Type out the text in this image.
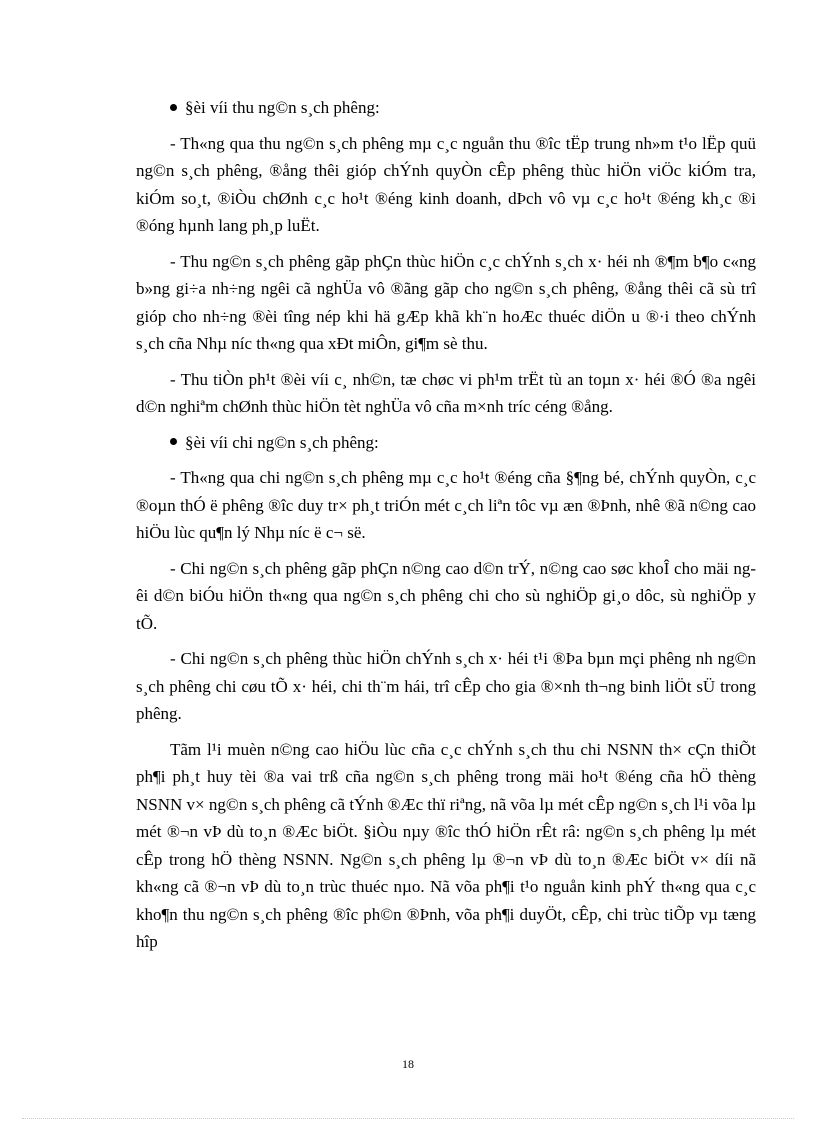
§èi víi thu ng©n s¸ch phêng:

- Th«ng qua thu ng©n s¸ch phêng mµ c¸c nguån thu ®îc tËp trung nh»m t¹o lËp quü ng©n s¸ch phêng, ®ång thêi gióp chÝnh quyÒn cÊp phêng thùc hiÖn viÖc kiÓm tra, kiÓm so¸t, ®iÒu chØnh c¸c ho¹t ®éng kinh doanh, dÞch vô vµ c¸c ho¹t ®éng kh¸c ®i ®óng hµnh lang ph¸p luËt.

- Thu ng©n s¸ch phêng gãp phÇn thùc hiÖn c¸c chÝnh s¸ch x· héi nh ®¶m b¶o c«ng b»ng gi÷a nh÷ng ngêi cã nghÜa vô ®ãng gãp cho ng©n s¸ch phêng, ®ång thêi cã sù trî gióp cho nh÷ng ®èi tîng nép khi hä gÆp khã kh¨n hoÆc thuéc diÖn u ®·i theo chÝnh s¸ch cña Nhµ níc th«ng qua xÐt miÔn, gi¶m sè thu.

- Thu tiÒn ph¹t ®èi víi c¸ nh©n, tæ chøc vi ph¹m trËt tù an toµn x· héi ®Ó ®a ngêi d©n nghiªm chØnh thùc hiÖn tèt nghÜa vô cña m×nh tríc céng ®ång.

§èi víi chi ng©n s¸ch phêng:

- Th«ng qua chi ng©n s¸ch phêng mµ c¸c ho¹t ®éng cña §¶ng bé, chÝnh quyÒn, c¸c ®oµn thÓ ë phêng ®îc duy tr× ph¸t triÓn mét c¸ch liªn tôc vµ æn ®Þnh, nhê ®ã n©ng cao hiÖu lùc qu¶n lý Nhµ níc ë c¬ së.

- Chi ng©n s¸ch phêng gãp phÇn n©ng cao d©n trÝ, n©ng cao søc khoÎ cho mäi ngêi d©n biÓu hiÖn th«ng qua ng©n s¸ch phêng chi cho sù nghiÖp gi¸o dôc, sù nghiÖp y tÕ.

- Chi ng©n s¸ch phêng thùc hiÖn chÝnh s¸ch x· héi t¹i ®Þa bµn mçi phêng nh ng©n s¸ch phêng chi cøu tÕ x· héi, chi th¨m hái, trî cÊp cho gia ®×nh th¬ng binh liÖt sÜ trong phêng.

Tãm l¹i muèn n©ng cao hiÖu lùc cña c¸c chÝnh s¸ch thu chi NSNN th× cÇn thiÕt ph¶i ph¸t huy tèi ®a vai trß cña ng©n s¸ch phêng trong mäi ho¹t ®éng cña hÖ thèng NSNN v× ng©n s¸ch phêng cã tÝnh ®Æc thï riªng, nã võa lµ mét cÊp ng©n s¸ch l¹i võa lµ mét ®¬n vÞ dù to¸n ®Æc biÖt. §iÒu nµy ®îc thÓ hiÖn rÊt râ: ng©n s¸ch phêng lµ mét cÊp trong hÖ thèng NSNN. Ng©n s¸ch phêng lµ ®¬n vÞ dù to¸n ®Æc biÖt v× díi nã kh«ng cã ®¬n vÞ dù to¸n trùc thuéc nµo. Nã võa ph¶i t¹o nguån kinh phÝ th«ng qua c¸c kho¶n thu ng©n s¸ch phêng ®îc ph©n ®Þnh, võa ph¶i duyÖt, cÊp, chi trùc tiÕp vµ tæng hîp

18
